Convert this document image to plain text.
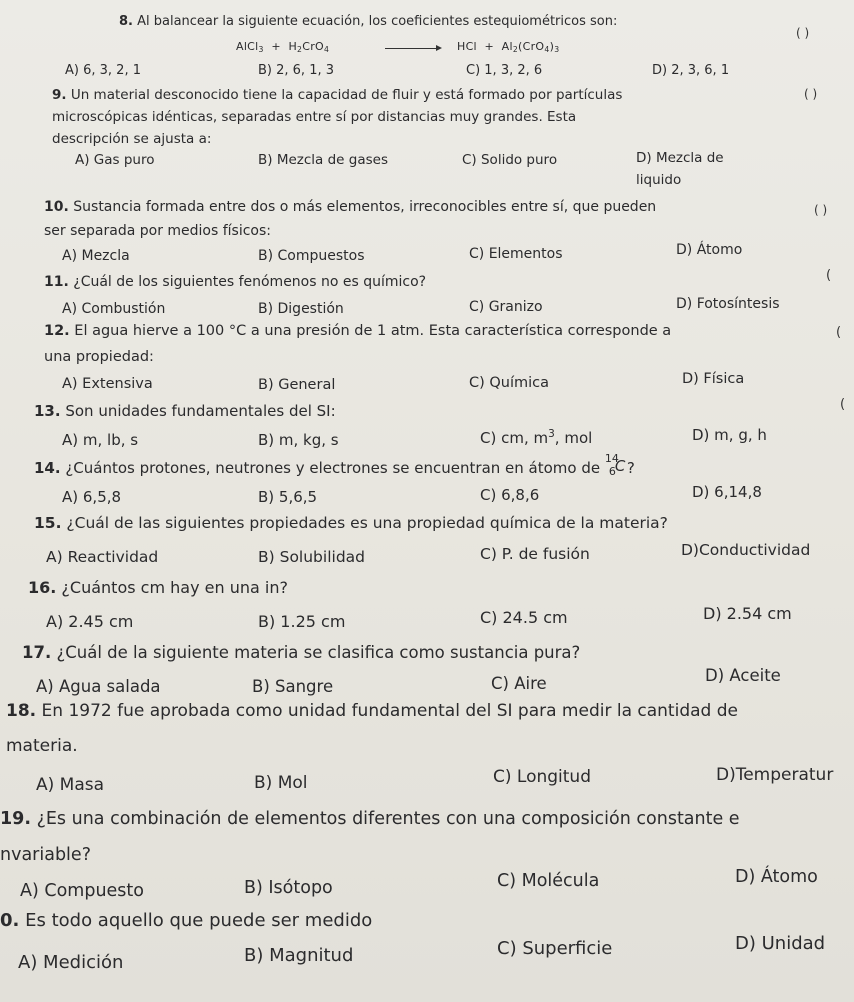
8. Al balancear la siguiente ecuación, los coeficientes estequiométricos son:
( )
AlCl$_3$ + $H_2CrO_4$	→ HCl + $Al_2(CrO_4)_3$
A) 6, 3, 2, 1	B) 2, 6, 1, 3	C) 1, 3, 2, 6	D) 2, 3, 6, 1
9. Un material desconocido tiene la capacidad de fluir y está formado por partículas	( )
microscópicas idénticas, separadas entre sí por distancias muy grandes. Esta
descripción se ajusta a:
A) Gas puro	B) Mezcla de gases	C) Solido puro	D) Mezcla de
liquido
10. Sustancia formada entre dos o más elementos, irreconocibles entre sí, que pueden	( )
ser separada por medios físicos:
A) Mezcla	B) Compuestos	C) Elementos	D) Átomo
11. ¿Cuál de los siguientes fenómenos no es químico?	(
A) Combustión	B) Digestión	C) Granizo	D) Fotosíntesis
12. El agua hierve a 100 °C a una presión de 1 atm. Esta característica corresponde a	(
una propiedad:
A) Extensiva	B) General	C) Química	D) Física
13. Son unidades fundamentales del SI:	(
A) m, lb, s	B) m, kg, s	C) cm, $m^3$, mol	D) m, g, h
14. ¿Cuántos protones, neutrones y electrones se encuentran en átomo de
14
6 C ?
A) 6,5,8	B) 5,6,5	C) 6,8,6	D) 6,14,8
15. ¿Cuál de las siguientes propiedades es una propiedad química de la materia?
A) Reactividad	B) Solubilidad	C) P. de fusión	D)Conductividad
16. ¿Cuántos cm hay en una in?
A) 2.45 cm	B) 1.25 cm	C) 24.5 cm	D) 2.54 cm
17. ¿Cuál de la siguiente materia se clasifica como sustancia pura?
A) Agua salada	B) Sangre	C) Aire	D) Aceite
18. En 1972 fue aprobada como unidad fundamental del SI para medir la cantidad de
materia.
A) Masa	B) Mol	C) Longitud	D)Temperatur
19. ¿Es una combinación de elementos diferentes con una composición constante e
nvariable?
A) Compuesto	B) Isótopo	C) Molécula	D) Átomo
0. Es todo aquello que puede ser medido
A) Medición	B) Magnitud	C) Superficie	D) Unidad
